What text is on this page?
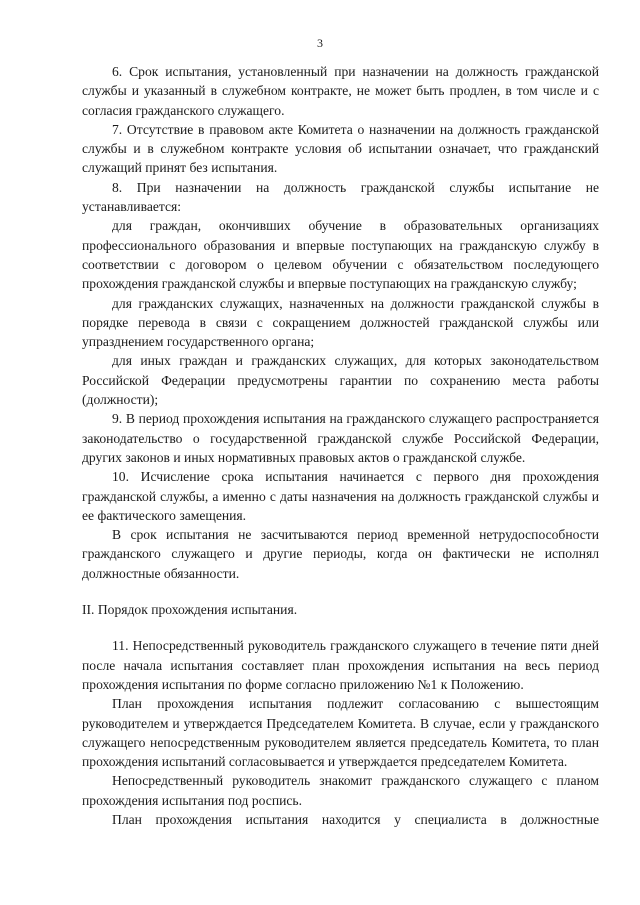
3

6. Срок испытания, установленный при назначении на должность гражданской службы и указанный в служебном контракте, не может быть продлен, в том числе и с согласия гражданского служащего.

7. Отсутствие в правовом акте Комитета о назначении на должность гражданской службы и в служебном контракте условия об испытании означает, что гражданский служащий принят без испытания.

8. При назначении на должность гражданской службы испытание не устанавливается:

для граждан, окончивших обучение в образовательных организациях профессионального образования и впервые поступающих на гражданскую службу в соответствии с договором о целевом обучении с обязательством последующего прохождения гражданской службы и впервые поступающих на гражданскую службу;

для гражданских служащих, назначенных на должности гражданской службы в порядке перевода в связи с сокращением должностей гражданской службы или упразднением государственного органа;

для иных граждан и гражданских служащих, для которых законодательством Российской Федерации предусмотрены гарантии по сохранению места работы (должности);

9. В период прохождения испытания на гражданского служащего распространяется законодательство о государственной гражданской службе Российской Федерации, других законов и иных нормативных правовых актов о гражданской службе.

10. Исчисление срока испытания начинается с первого дня прохождения гражданской службы, а именно с даты назначения на должность гражданской службы и ее фактического замещения.

В срок испытания не засчитываются период временной нетрудоспособности гражданского служащего и другие периоды, когда он фактически не исполнял должностные обязанности.

II. Порядок прохождения испытания.

11. Непосредственный руководитель гражданского служащего в течение пяти дней после начала испытания составляет план прохождения испытания на весь период прохождения испытания по форме согласно приложению №1 к Положению.

План прохождения испытания подлежит согласованию с вышестоящим руководителем и утверждается Председателем Комитета. В случае, если у гражданского служащего непосредственным руководителем является председатель Комитета, то план прохождения испытаний согласовывается и утверждается председателем Комитета.

Непосредственный руководитель знакомит гражданского служащего с планом прохождения испытания под роспись.

План прохождения испытания находится у специалиста в должностные
